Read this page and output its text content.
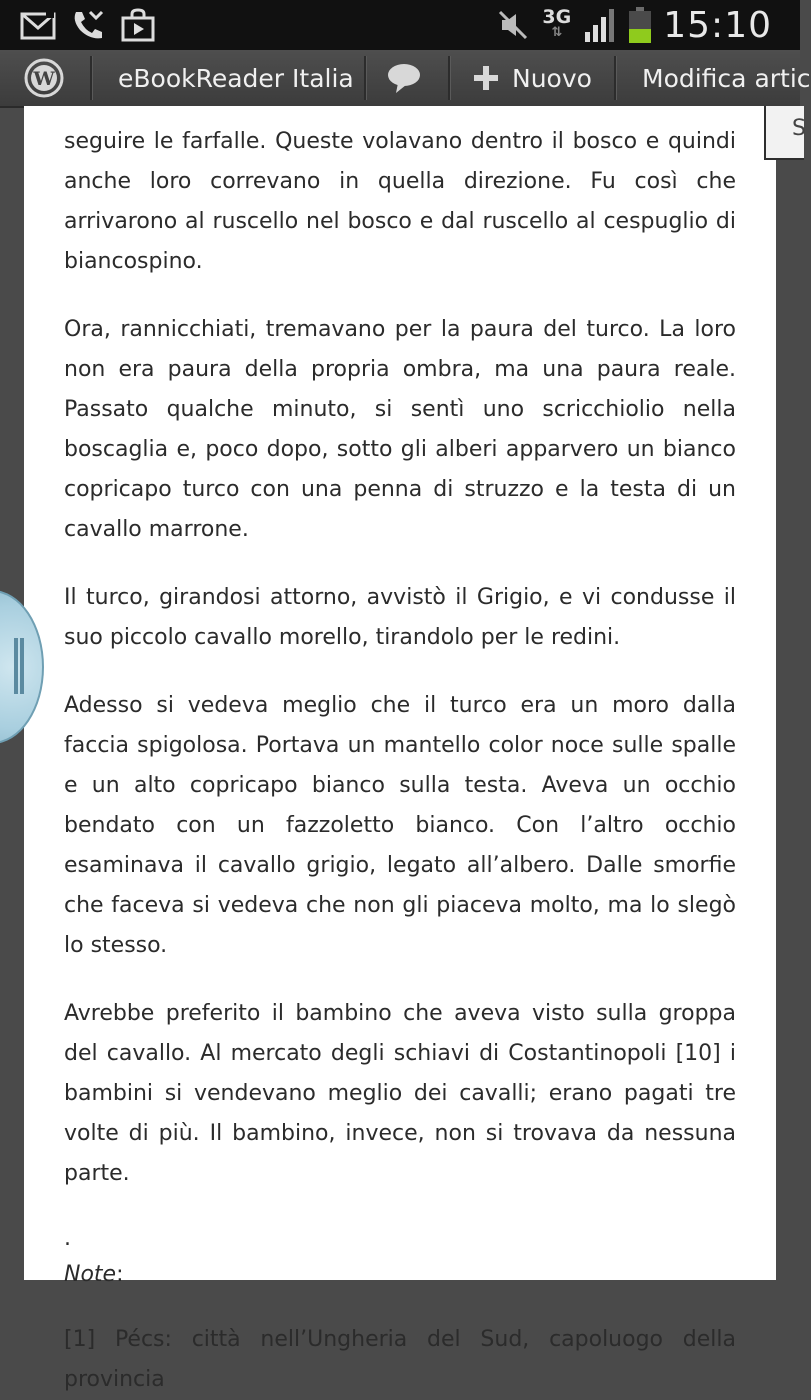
3G
⇅	15:10
W	eBookReader Italia	Nuovo Modifica artic

seguire le farfalle. Queste volavano dentro il bosco e quindi anche loro correvano in quella direzione. Fu così che arrivarono al ruscello nel bosco e dal ruscello al cespuglio di biancospino.

Ora, rannicchiati, tremavano per la paura del turco. La loro non era paura della propria ombra, ma una paura reale. Passato qualche minuto, si sentì uno scricchiolio nella boscaglia e, poco dopo, sotto gli alberi apparvero un bianco copricapo turco con una penna di struzzo e la testa di un cavallo marrone.

Il turco, girandosi attorno, avvistò il Grigio, e vi condusse il suo piccolo cavallo morello, tirandolo per le redini.

Adesso si vedeva meglio che il turco era un moro dalla faccia spigolosa. Portava un mantello color noce sulle spalle e un alto copricapo bianco sulla testa. Aveva un occhio bendato con un fazzoletto bianco. Con l’altro occhio esaminava il cavallo grigio, legato all’albero. Dalle smorfie che faceva si vedeva che non gli piaceva molto, ma lo slegò lo stesso.

Avrebbe preferito il bambino che aveva visto sulla groppa del cavallo. Al mercato degli schiavi di Costantinopoli [10] i bambini si vendevano meglio dei cavalli; erano pagati tre volte di più. Il bambino, invece, non si trovava da nessuna parte.

.

Note:

[1] Pécs: città nell’Ungheria del Sud, capoluogo della provincia

S
